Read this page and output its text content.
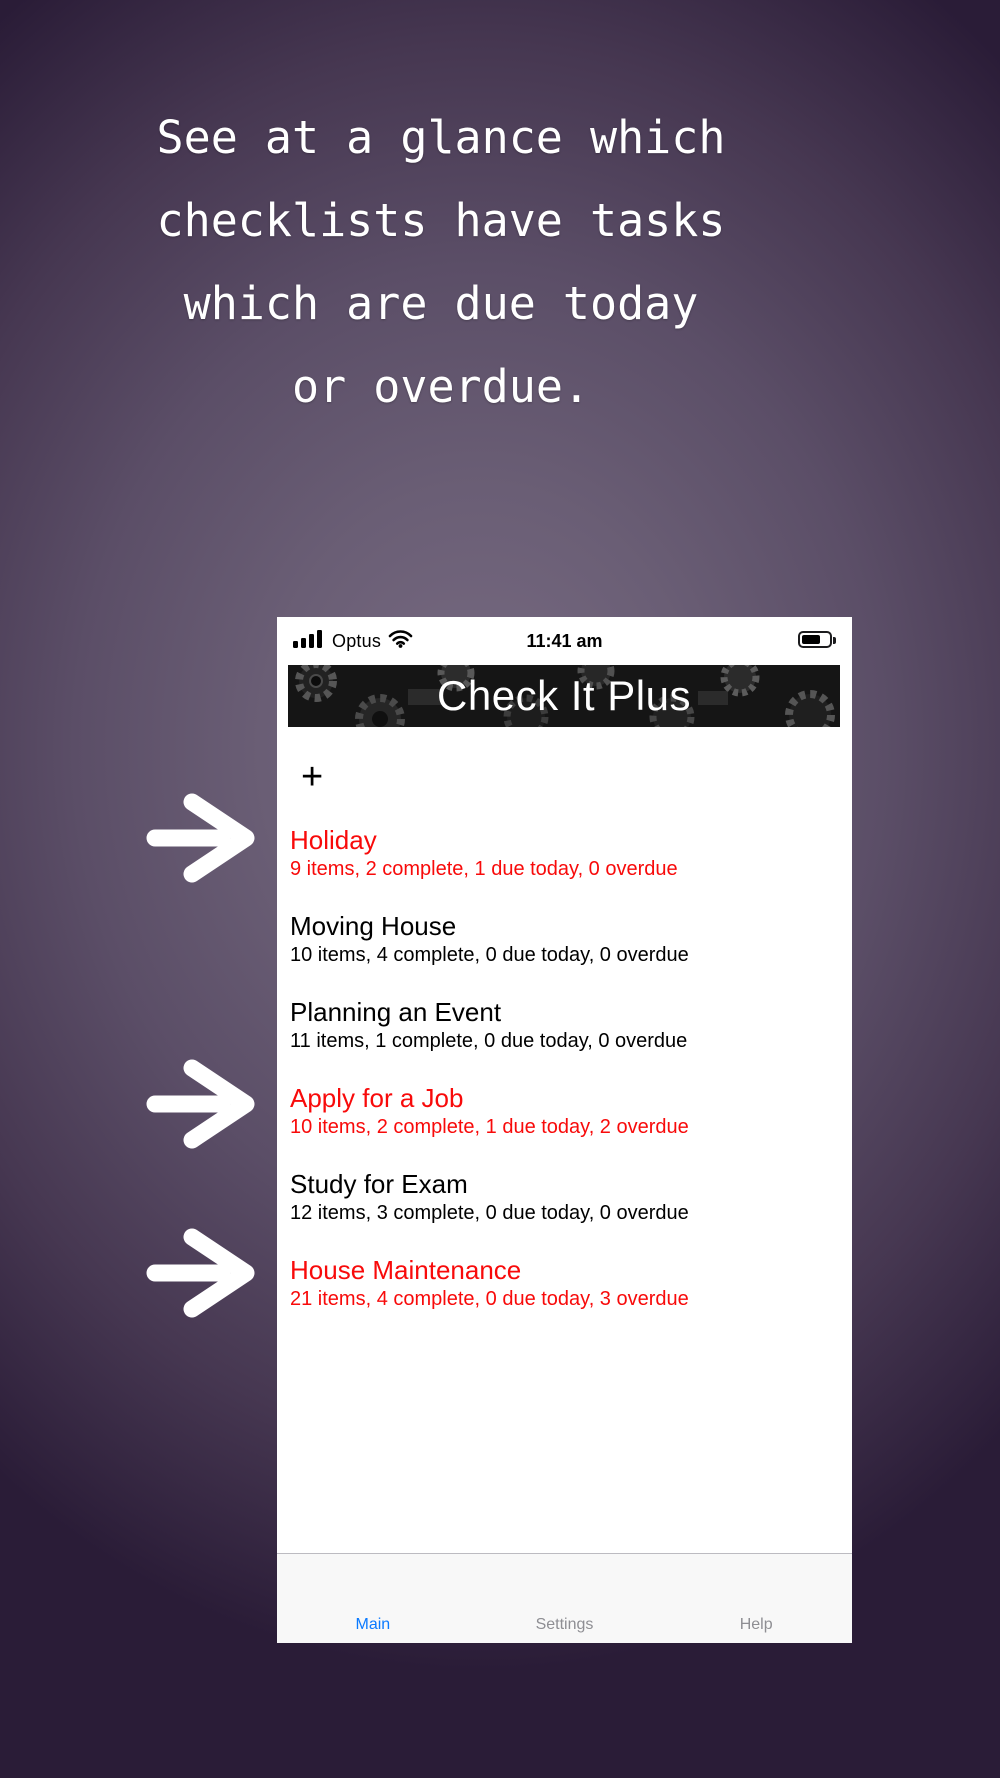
See at a glance which
checklists have tasks
which are due today
or overdue.
Optus	11:41 am
Check It Plus
+
Holiday
9 items, 2 complete, 1 due today, 0 overdue
Moving House
10 items, 4 complete, 0 due today, 0 overdue
Planning an Event
11 items, 1 complete, 0 due today, 0 overdue
Apply for a Job
10 items, 2 complete, 1 due today, 2 overdue
Study for Exam
12 items, 3 complete, 0 due today, 0 overdue
House Maintenance
21 items, 4 complete, 0 due today, 3 overdue
Main	Settings	Help
